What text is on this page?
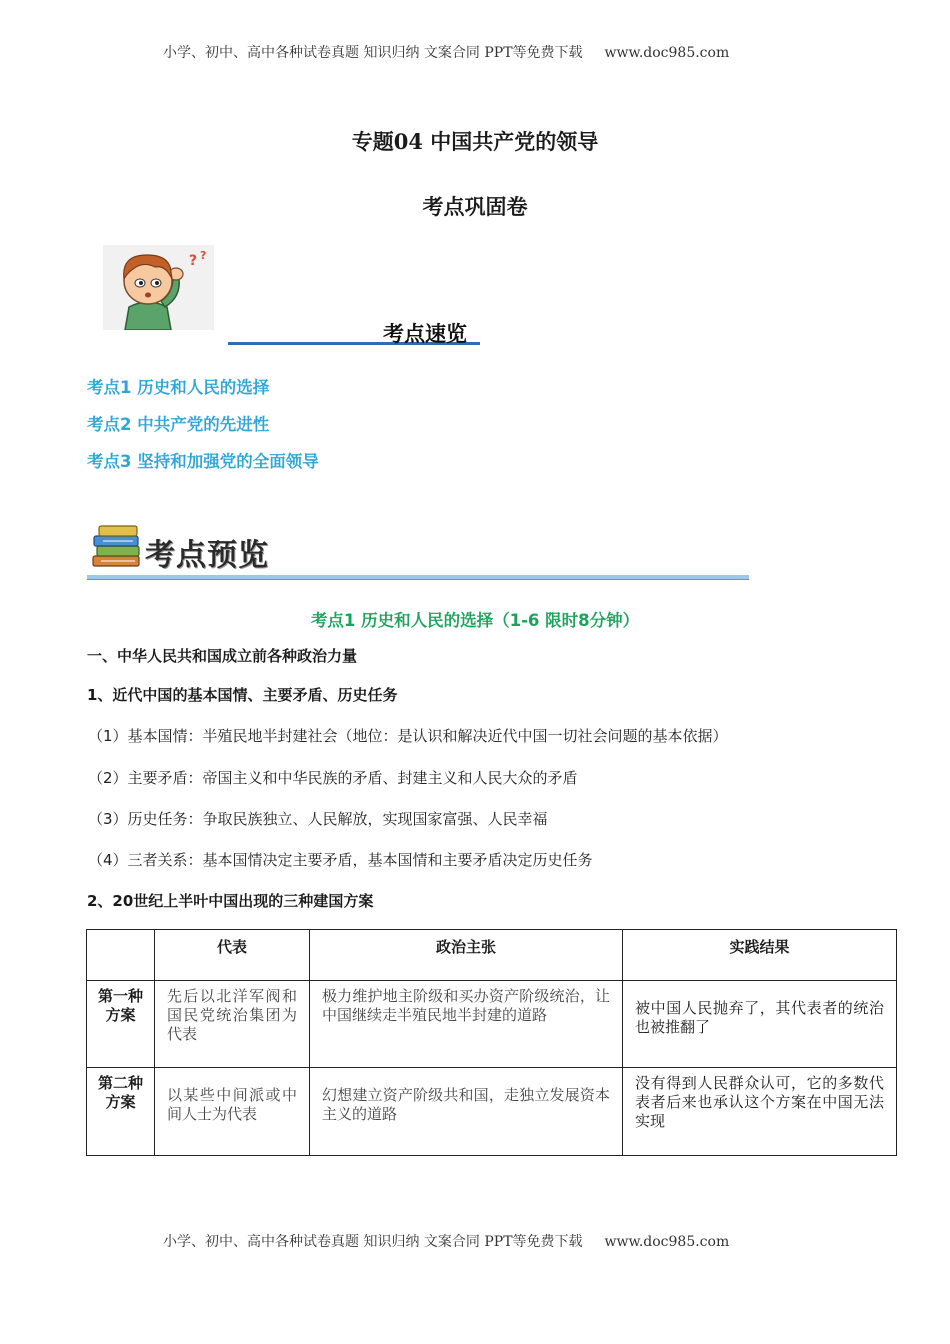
小学、初中、高中各种试卷真题 知识归纳 文案合同 PPT等免费下载 www.doc985.com
专题04 中国共产党的领导
考点巩固卷
? ?
考点速览
考点1 历史和人民的选择
考点2 中共产党的先进性
考点3 坚持和加强党的全面领导
考点预览
考点1 历史和人民的选择（1-6 限时8分钟）
一、中华人民共和国成立前各种政治力量
1、近代中国的基本国情、主要矛盾、历史任务
（1）基本国情：半殖民地半封建社会（地位：是认识和解决近代中国一切社会问题的基本依据）
（2）主要矛盾：帝国主义和中华民族的矛盾、封建主义和人民大众的矛盾
（3）历史任务：争取民族独立、人民解放，实现国家富强、人民幸福
（4）三者关系：基本国情决定主要矛盾，基本国情和主要矛盾决定历史任务
2、20世纪上半叶中国出现的三种建国方案
	代表	政治主张	实践结果
第一种方案	先后以北洋军阀和国民党统治集团为代表	极力维护地主阶级和买办资产阶级统治，让中国继续走半殖民地半封建的道路	被中国人民抛弃了，其代表者的统治也被推翻了
第二种方案	以某些中间派或中间人士为代表	幻想建立资产阶级共和国，走独立发展资本主义的道路	没有得到人民群众认可，它的多数代表者后来也承认这个方案在中国无法实现
小学、初中、高中各种试卷真题 知识归纳 文案合同 PPT等免费下载 www.doc985.com
